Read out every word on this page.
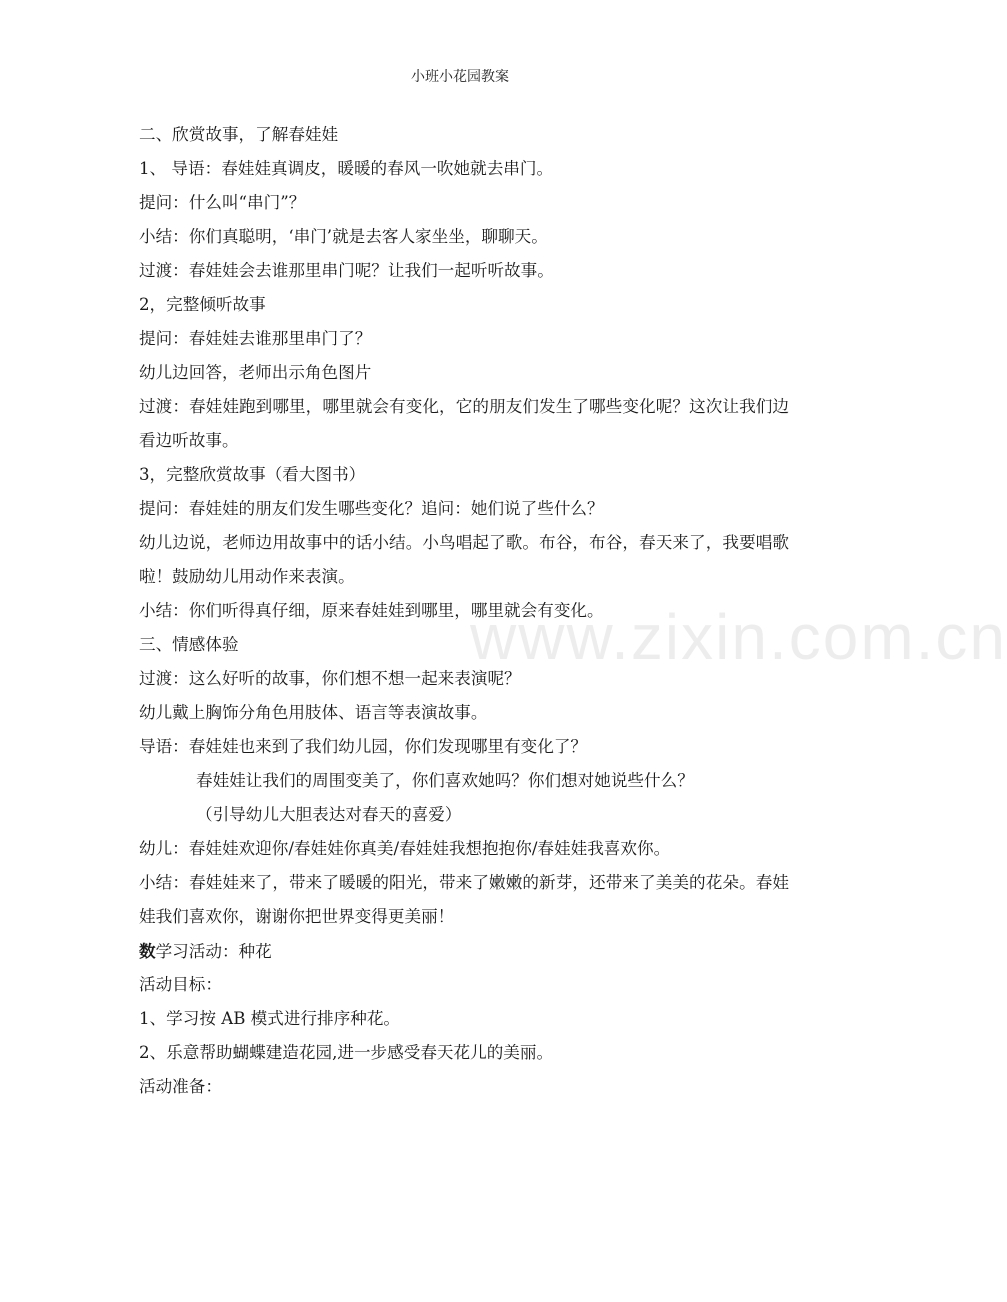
小班小花园教案
www.zixin.com.cn
二、欣赏故事，了解春娃娃
1、 导语：春娃娃真调皮，暖暖的春风一吹她就去串门。
提问：什么叫“串门”？
小结：你们真聪明，‘串门’就是去客人家坐坐，聊聊天。
过渡：春娃娃会去谁那里串门呢？让我们一起听听故事。
2，完整倾听故事
提问：春娃娃去谁那里串门了？
幼儿边回答，老师出示角色图片
过渡：春娃娃跑到哪里，哪里就会有变化，它的朋友们发生了哪些变化呢？这次让我们边看边听故事。
3，完整欣赏故事（看大图书）
提问：春娃娃的朋友们发生哪些变化？追问：她们说了些什么？
幼儿边说，老师边用故事中的话小结。小鸟唱起了歌。布谷，布谷，春天来了，我要唱歌啦！鼓励幼儿用动作来表演。
小结：你们听得真仔细，原来春娃娃到哪里，哪里就会有变化。
三、情感体验
过渡：这么好听的故事，你们想不想一起来表演呢？
幼儿戴上胸饰分角色用肢体、语言等表演故事。
导语：春娃娃也来到了我们幼儿园，你们发现哪里有变化了？
春娃娃让我们的周围变美了，你们喜欢她吗？你们想对她说些什么？
（引导幼儿大胆表达对春天的喜爱）
幼儿：春娃娃欢迎你/春娃娃你真美/春娃娃我想抱抱你/春娃娃我喜欢你。
小结：春娃娃来了，带来了暖暖的阳光，带来了嫩嫩的新芽，还带来了美美的花朵。春娃娃我们喜欢你，谢谢你把世界变得更美丽！
数学习活动：种花
活动目标：
1、学习按 AB 模式进行排序种花。
2、乐意帮助蝴蝶建造花园,进一步感受春天花儿的美丽。
活动准备：
